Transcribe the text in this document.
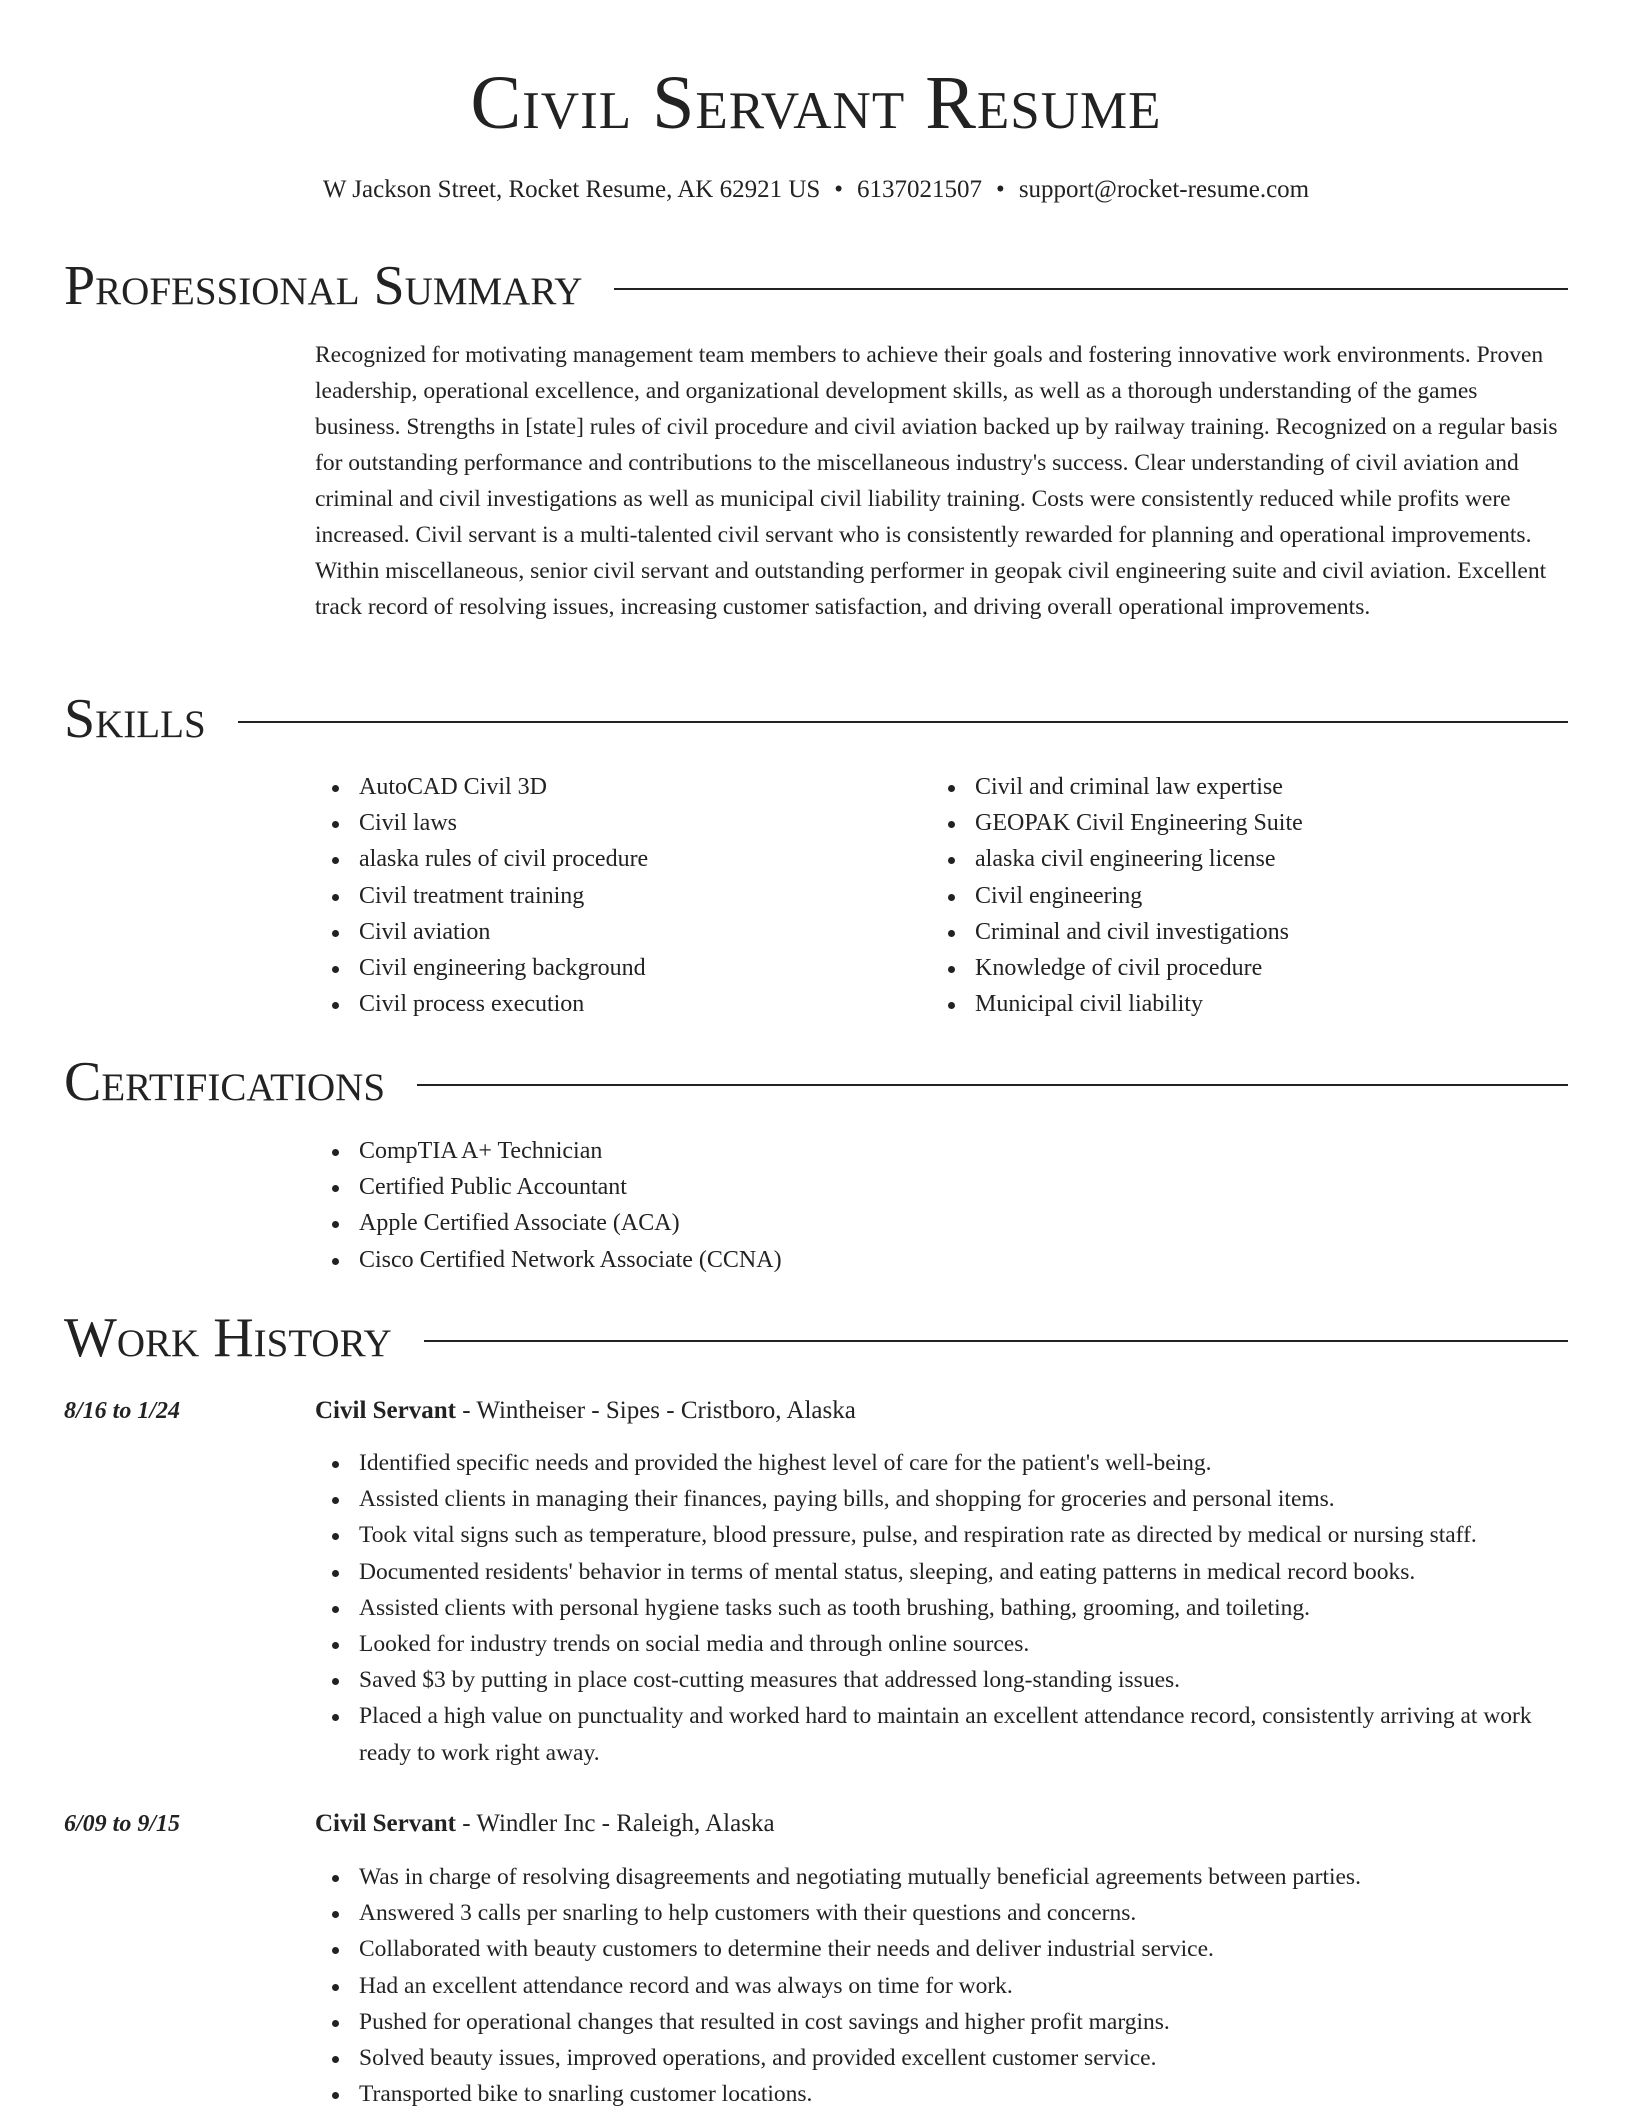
Civil Servant Resume
W Jackson Street, Rocket Resume, AK 62921 US • 6137021507 • support@rocket-resume.com
Professional Summary

Recognized for motivating management team members to achieve their goals and fostering innovative work environments. Proven leadership, operational excellence, and organizational development skills, as well as a thorough understanding of the games business. Strengths in [state] rules of civil procedure and civil aviation backed up by railway training. Recognized on a regular basis for outstanding performance and contributions to the miscellaneous industry's success. Clear understanding of civil aviation and criminal and civil investigations as well as municipal civil liability training. Costs were consistently reduced while profits were increased. Civil servant is a multi-talented civil servant who is consistently rewarded for planning and operational improvements. Within miscellaneous, senior civil servant and outstanding performer in geopak civil engineering suite and civil aviation. Excellent track record of resolving issues, increasing customer satisfaction, and driving overall operational improvements.

Skills
AutoCAD Civil 3D
Civil laws
alaska rules of civil procedure
Civil treatment training
Civil aviation
Civil engineering background
Civil process execution
Civil and criminal law expertise
GEOPAK Civil Engineering Suite
alaska civil engineering license
Civil engineering
Criminal and civil investigations
Knowledge of civil procedure
Municipal civil liability
Certifications
CompTIA A+ Technician
Certified Public Accountant
Apple Certified Associate (ACA)
Cisco Certified Network Associate (CCNA)
Work History
8/16 to 1/24	Civil Servant - Wintheiser - Sipes - Cristboro, Alaska
Identified specific needs and provided the highest level of care for the patient's well-being.
Assisted clients in managing their finances, paying bills, and shopping for groceries and personal items.
Took vital signs such as temperature, blood pressure, pulse, and respiration rate as directed by medical or nursing staff.
Documented residents' behavior in terms of mental status, sleeping, and eating patterns in medical record books.
Assisted clients with personal hygiene tasks such as tooth brushing, bathing, grooming, and toileting.
Looked for industry trends on social media and through online sources.
Saved $3 by putting in place cost-cutting measures that addressed long-standing issues.
Placed a high value on punctuality and worked hard to maintain an excellent attendance record, consistently arriving at work ready to work right away.
6/09 to 9/15	Civil Servant - Windler Inc - Raleigh, Alaska
Was in charge of resolving disagreements and negotiating mutually beneficial agreements between parties.
Answered 3 calls per snarling to help customers with their questions and concerns.
Collaborated with beauty customers to determine their needs and deliver industrial service.
Had an excellent attendance record and was always on time for work.
Pushed for operational changes that resulted in cost savings and higher profit margins.
Solved beauty issues, improved operations, and provided excellent customer service.
Transported bike to snarling customer locations.
